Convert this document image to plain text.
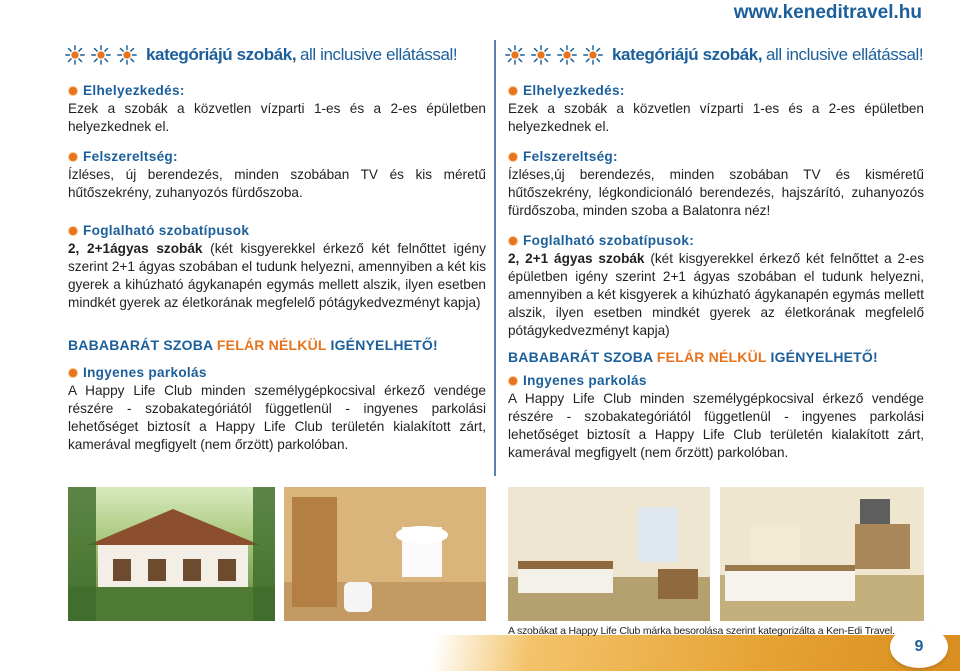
www.keneditravel.hu
kategóriájú szobák,
all inclusive ellátással!
Elhelyezkedés:

Ezek a szobák a közvetlen vízparti 1-es és a 2-es épületben helyezkednek el.

Felszereltség:

Ízléses, új berendezés, minden szobában TV és kis méretű hűtőszekrény, zuhanyozós fürdőszoba.

Foglalható szobatípusok

2, 2+1ágyas szobák (két kisgyerekkel érkező két felnőttet igény szerint 2+1 ágyas szobában el tudunk helyezni, amennyiben a két kis gyerek a kihúzható ágykanapén egymás mellett alszik, ilyen esetben mindkét gyerek az életkorának megfelelő pótágykedvezményt kapja)

BABABARÁT SZOBA FELÁR NÉLKÜL IGÉNYELHETŐ!
Ingyenes parkolás

A Happy Life Club minden személygépkocsival érkező vendége részére - szobakategóriától függetlenül - ingyenes parkolási lehetőséget biztosít a Happy Life Club területén kialakított zárt, kamerával megfigyelt (nem őrzött) parkolóban.

kategóriájú szobák,
all inclusive ellátással!
Elhelyezkedés:

Ezek a szobák a közvetlen vízparti 1-es és a 2-es épületben helyezkednek el.

Felszereltség:

Ízléses,új berendezés, minden szobában TV és kisméretű hűtőszekrény, légkondicionáló berendezés, hajszárító, zuhanyozós fürdőszoba, minden szoba a Balatonra néz!

Foglalható szobatípusok:

2, 2+1 ágyas szobák (két kisgyerekkel érkező két felnőttet a 2-es épületben igény szerint 2+1 ágyas szobában el tudunk helyezni, amennyiben a két kisgyerek a kihúzható ágykanapén egymás mellett alszik, ilyen esetben mindkét gyerek az életkorának megfelelő pótágykedvezményt kapja)

BABABARÁT SZOBA FELÁR NÉLKÜL IGÉNYELHETŐ!
Ingyenes parkolás

A Happy Life Club minden személygépkocsival érkező vendége részére - szobakategóriától függetlenül - ingyenes parkolási lehetőséget biztosít a Happy Life Club területén kialakított zárt, kamerával megfigyelt (nem őrzött) parkolóban.

A szobákat a Happy Life Club márka besorolása szerint kategorizálta a Ken-Edi Travel.
9
